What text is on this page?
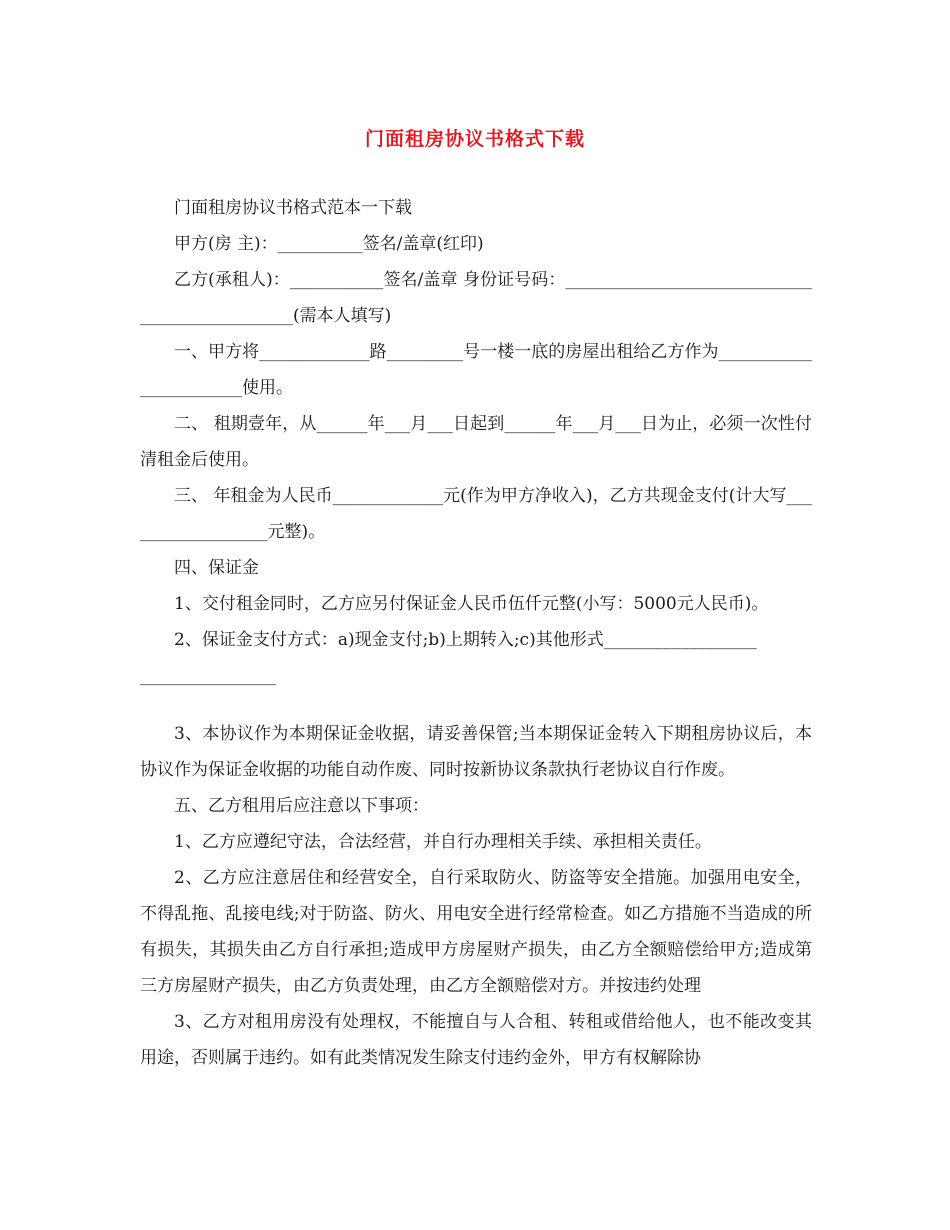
门面租房协议书格式下载

门面租房协议书格式范本一下载

甲方(房 主)：__________签名/盖章(红印)

乙方(承租人)：___________签名/盖章 身份证号码：_______________________________________________(需本人填写)

一、甲方将_____________路_________号一楼一底的房屋出租给乙方作为_______________________使用。

二、 租期壹年，从______年___月___日起到______年___月___日为止，必须一次性付清租金后使用。

三、 年租金为人民币_____________元(作为甲方净收入)，乙方共现金支付(计大写__________________元整)。

四、保证金

1、交付租金同时，乙方应另付保证金人民币伍仟元整(小写：5000元人民币)。

2、保证金支付方式：a)现金支付;b)上期转入;c)其他形式__________________

________________

3、本协议作为本期保证金收据，请妥善保管;当本期保证金转入下期租房协议后，本协议作为保证金收据的功能自动作废、同时按新协议条款执行老协议自行作废。

五、乙方租用后应注意以下事项：

1、乙方应遵纪守法，合法经营，并自行办理相关手续、承担相关责任。

2、乙方应注意居住和经营安全，自行采取防火、防盗等安全措施。加强用电安全，不得乱拖、乱接电线;对于防盗、防火、用电安全进行经常检查。如乙方措施不当造成的所有损失，其损失由乙方自行承担;造成甲方房屋财产损失，由乙方全额赔偿给甲方;造成第三方房屋财产损失，由乙方负责处理，由乙方全额赔偿对方。并按违约处理

3、乙方对租用房没有处理权，不能擅自与人合租、转租或借给他人，也不能改变其用途，否则属于违约。如有此类情况发生除支付违约金外，甲方有权解除协
